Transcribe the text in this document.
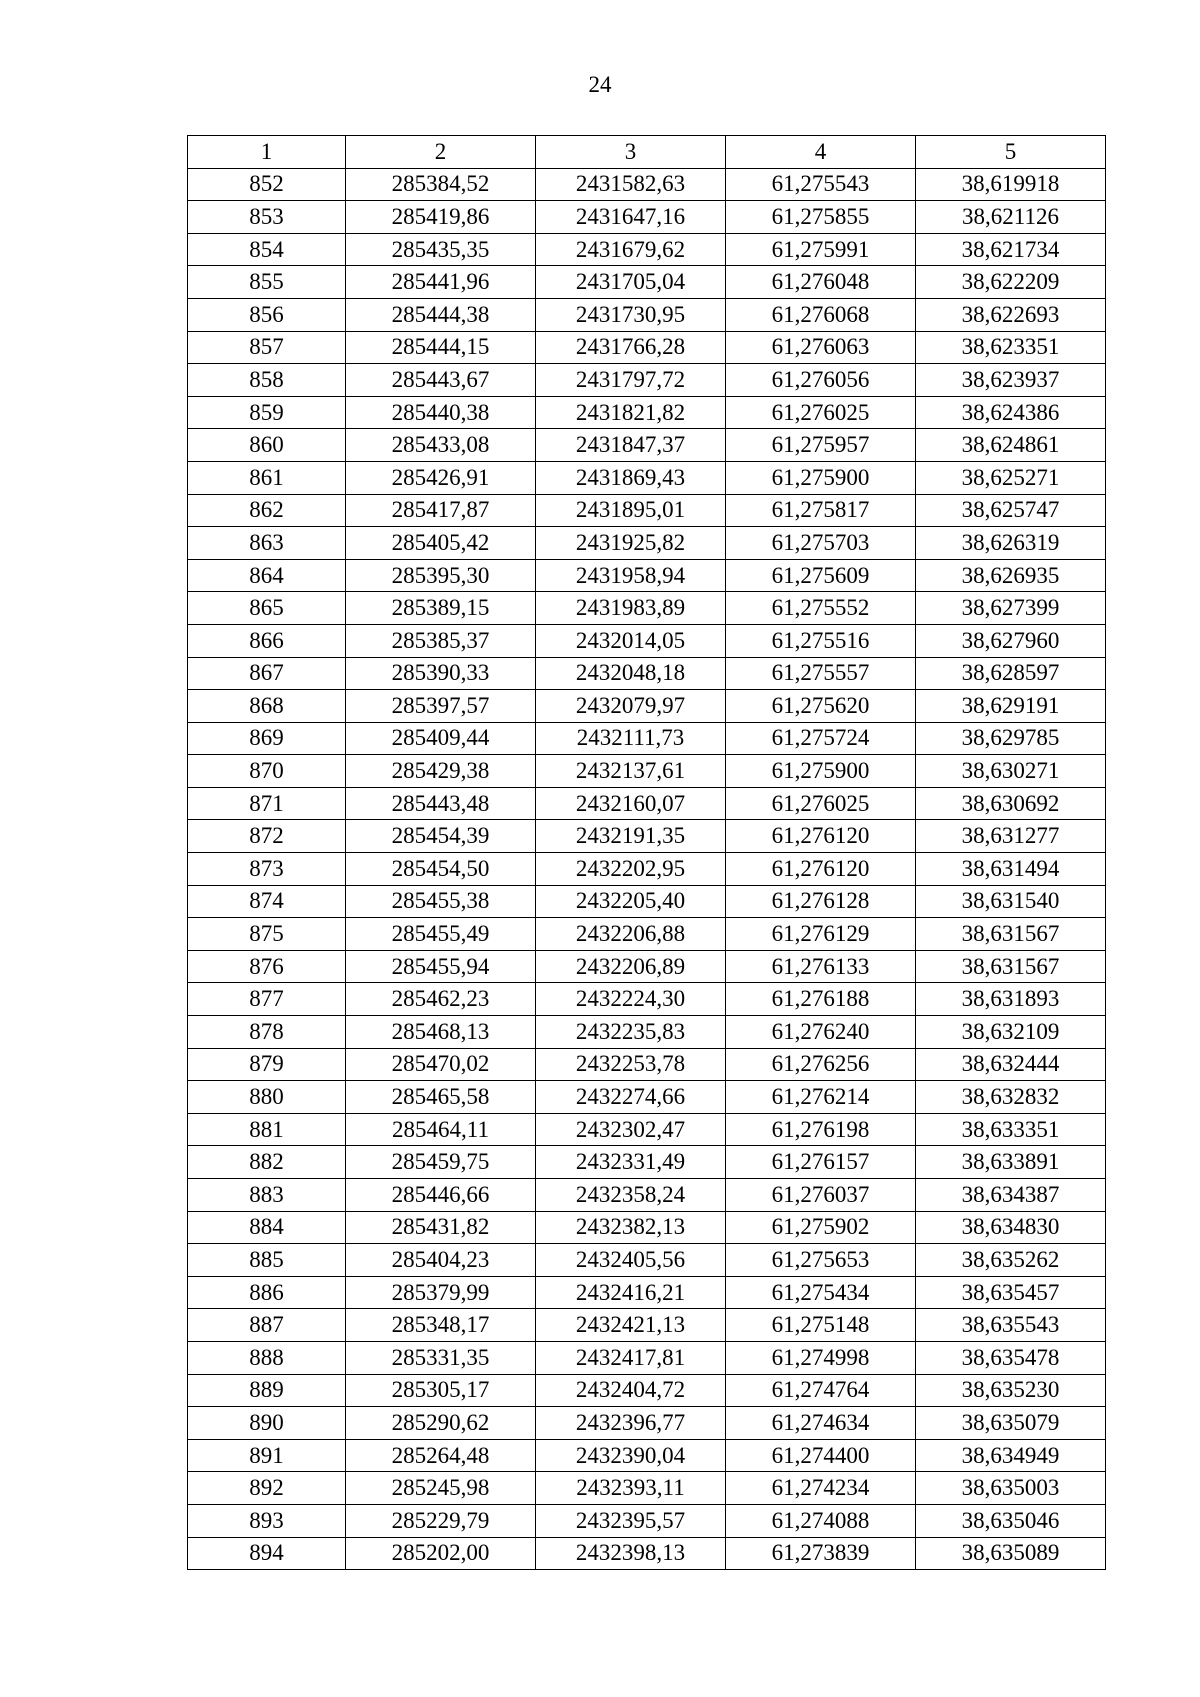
24
1	2	3	4	5
852	285384,52	2431582,63	61,275543	38,619918
853	285419,86	2431647,16	61,275855	38,621126
854	285435,35	2431679,62	61,275991	38,621734
855	285441,96	2431705,04	61,276048	38,622209
856	285444,38	2431730,95	61,276068	38,622693
857	285444,15	2431766,28	61,276063	38,623351
858	285443,67	2431797,72	61,276056	38,623937
859	285440,38	2431821,82	61,276025	38,624386
860	285433,08	2431847,37	61,275957	38,624861
861	285426,91	2431869,43	61,275900	38,625271
862	285417,87	2431895,01	61,275817	38,625747
863	285405,42	2431925,82	61,275703	38,626319
864	285395,30	2431958,94	61,275609	38,626935
865	285389,15	2431983,89	61,275552	38,627399
866	285385,37	2432014,05	61,275516	38,627960
867	285390,33	2432048,18	61,275557	38,628597
868	285397,57	2432079,97	61,275620	38,629191
869	285409,44	2432111,73	61,275724	38,629785
870	285429,38	2432137,61	61,275900	38,630271
871	285443,48	2432160,07	61,276025	38,630692
872	285454,39	2432191,35	61,276120	38,631277
873	285454,50	2432202,95	61,276120	38,631494
874	285455,38	2432205,40	61,276128	38,631540
875	285455,49	2432206,88	61,276129	38,631567
876	285455,94	2432206,89	61,276133	38,631567
877	285462,23	2432224,30	61,276188	38,631893
878	285468,13	2432235,83	61,276240	38,632109
879	285470,02	2432253,78	61,276256	38,632444
880	285465,58	2432274,66	61,276214	38,632832
881	285464,11	2432302,47	61,276198	38,633351
882	285459,75	2432331,49	61,276157	38,633891
883	285446,66	2432358,24	61,276037	38,634387
884	285431,82	2432382,13	61,275902	38,634830
885	285404,23	2432405,56	61,275653	38,635262
886	285379,99	2432416,21	61,275434	38,635457
887	285348,17	2432421,13	61,275148	38,635543
888	285331,35	2432417,81	61,274998	38,635478
889	285305,17	2432404,72	61,274764	38,635230
890	285290,62	2432396,77	61,274634	38,635079
891	285264,48	2432390,04	61,274400	38,634949
892	285245,98	2432393,11	61,274234	38,635003
893	285229,79	2432395,57	61,274088	38,635046
894	285202,00	2432398,13	61,273839	38,635089
